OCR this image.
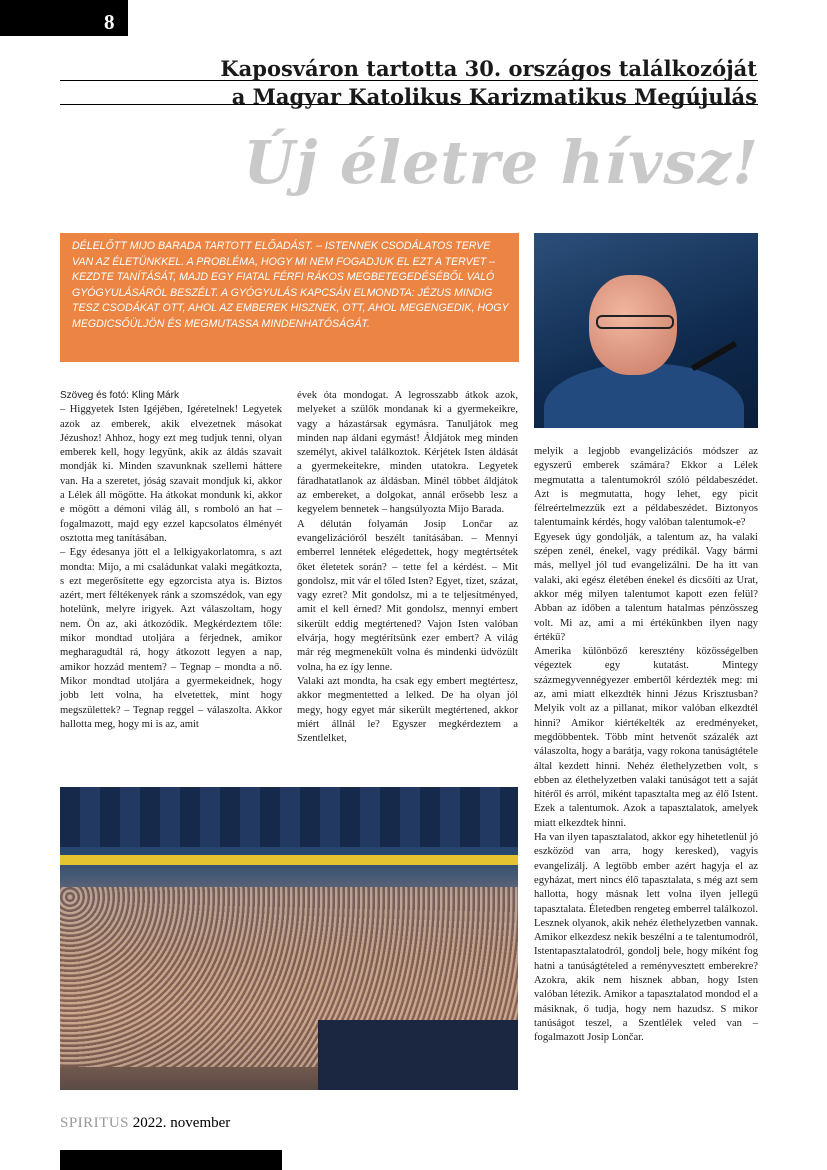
8
Kaposváron tartotta 30. országos találkozóját
a Magyar Katolikus Karizmatikus Megújulás
Új életre hívsz!
DÉLELŐTT MIJO BARADA TARTOTT ELŐADÁST. – ISTENNEK CSODÁLATOS TERVE VAN AZ ÉLETÜNKKEL. A PROBLÉMA, HOGY MI NEM FOGADJUK EL EZT A TERVET – KEZDTE TANÍTÁSÁT, MAJD EGY FIATAL FÉRFI RÁKOS MEGBETEGEDÉSÉBŐL VALÓ GYÓGYULÁSÁRÓL BESZÉLT. A GYÓGYULÁS KAPCSÁN ELMONDTA: JÉZUS MINDIG TESZ CSODÁKAT OTT, AHOL AZ EMBEREK HISZNEK, OTT, AHOL MEGENGEDIK, HOGY MEGDICSŐÜLJÖN ÉS MEGMUTASSA MINDENHATÓSÁGÁT.
Szöveg és fotó: Kling Márk
– Higgyetek Isten Igéjében, Igéretelnek! Legyetek azok az emberek, akik elvezetnek másokat Jézushoz! Ahhoz, hogy ezt meg tudjuk tenni, olyan emberek kell, hogy legyünk, akik az áldás szavait mondják ki. Minden szavunknak szellemi háttere van. Ha a szeretet, jóság szavait mondjuk ki, akkor a Lélek áll mögötte. Ha átkokat mondunk ki, akkor e mögött a démoni világ áll, s romboló an hat – fogalmazott, majd egy ezzel kapcsolatos élményét osztotta meg tanításában.
– Egy édesanya jött el a lelkigyakorlatomra, s azt mondta: Mijo, a mi családunkat valaki megátkozta, s ezt megerősítette egy egzorcista atya is. Biztos azért, mert féltékenyek ránk a szomszédok, van egy hotelünk, melyre irigyek. Azt válaszoltam, hogy nem. Ön az, aki átkozódik. Megkérdeztem tőle: mikor mondtad utoljára a férjednek, amikor megharagudtál rá, hogy átkozott legyen a nap, amikor hozzád mentem? – Tegnap – mondta a nő. Mikor mondtad utoljára a gyermekeidnek, hogy jobb lett volna, ha elvetettek, mint hogy megszülettek? – Tegnap reggel – válaszolta. Akkor hallotta meg, hogy mi is az, amit
évek óta mondogat. A legrosszabb átkok azok, melyeket a szülők mondanak ki a gyermekeikre, vagy a házastársak egymásra. Tanuljátok meg minden nap áldani egymást! Áldjátok meg minden személyt, akivel találkoztok. Kérjétek Isten áldását a gyermekeitekre, minden utatokra. Legyetek fáradhatatlanok az áldásban. Minél többet áldjátok az embereket, a dolgokat, annál erősebb lesz a kegyelem bennetek – hangsúlyozta Mijo Barada.
A délután folyamán Josip Lončar az evangelizációról beszélt tanításában. – Mennyi emberrel lennétek elégedettek, hogy megtértsétek őket életetek során? – tette fel a kérdést. – Mit gondolsz, mit vár el tőled Isten? Egyet, tízet, százat, vagy ezret? Mit gondolsz, mi a te teljesítményed, amit el kell érned? Mit gondolsz, mennyi embert sikerült eddig megtértened? Vajon Isten valóban elvárja, hogy megtérítsünk ezer embert? A világ már rég megmenekült volna és mindenki üdvözült volna, ha ez így lenne.
Valaki azt mondta, ha csak egy embert megtértesz, akkor megmentetted a lelked. De ha olyan jól megy, hogy egyet már sikerült megtértened, akkor miért állnál le? Egyszer megkérdeztem a Szentlelket,
melyik a legjobb evangelizációs módszer az egyszerű emberek számára? Ekkor a Lélek megmutatta a talentumokról szóló példabeszédet. Azt is megmutatta, hogy lehet, egy picit félreértelmezzük ezt a példabeszédet. Biztonyos talentumaink kérdés, hogy valóban talentumok-e?
Egyesek úgy gondolják, a talentum az, ha valaki szépen zenél, énekel, vagy prédikál. Vagy bármi más, mellyel jól tud evangelizálni. De ha itt van valaki, aki egész életében énekel és dicsőíti az Urat, akkor még milyen talentumot kapott ezen felül? Abban az időben a talentum hatalmas pénzösszeg volt. Mi az, ami a mi értékünkben ilyen nagy értékű?
Amerika különböző keresztény közösségelben végeztek egy kutatást. Mintegy százmegyvennégyezer embertől kérdezték meg: mi az, ami miatt elkezdték hinni Jézus Krisztusban? Melyik volt az a pillanat, mikor valóban elkezdtél hinni? Amikor kiértékelték az eredményeket, megdöbbentek. Több mint hetvenöt százalék azt válaszolta, hogy a barátja, vagy rokona tanúságtétele által kezdett hinni. Nehéz élethelyzetben volt, s ebben az élethelyzetben valaki tanúságot tett a saját hitéről és arról, miként tapasztalta meg az élő Istent. Ezek a talentumok. Azok a tapasztalatok, amelyek miatt elkezdtek hinni.
Ha van ilyen tapasztalatod, akkor egy hihetetlenül jó eszközöd van arra, hogy keresked), vagyis evangelizálj. A legtöbb ember azért hagyja el az egyházat, mert nincs élő tapasztalata, s még azt sem hallotta, hogy másnak lett volna ilyen jellegű tapasztalata. Életedben rengeteg emberrel találkozol. Lesznek olyanok, akik nehéz élethelyzetben vannak. Amikor elkezdesz nekik beszélni a te talentumodról, Istentapasztalatodról, gondolj bele, hogy miként fog hatni a tanúságtételed a reményvesztett emberekre? Azokra, akik nem hisznek abban, hogy Isten valóban létezik. Amikor a tapasztalatod mondod el a másiknak, ő tudja, hogy nem hazudsz. S mikor tanúságot teszel, a Szentlélek veled van – fogalmazott Josip Lončar.
SPIRITUS 2022. november
